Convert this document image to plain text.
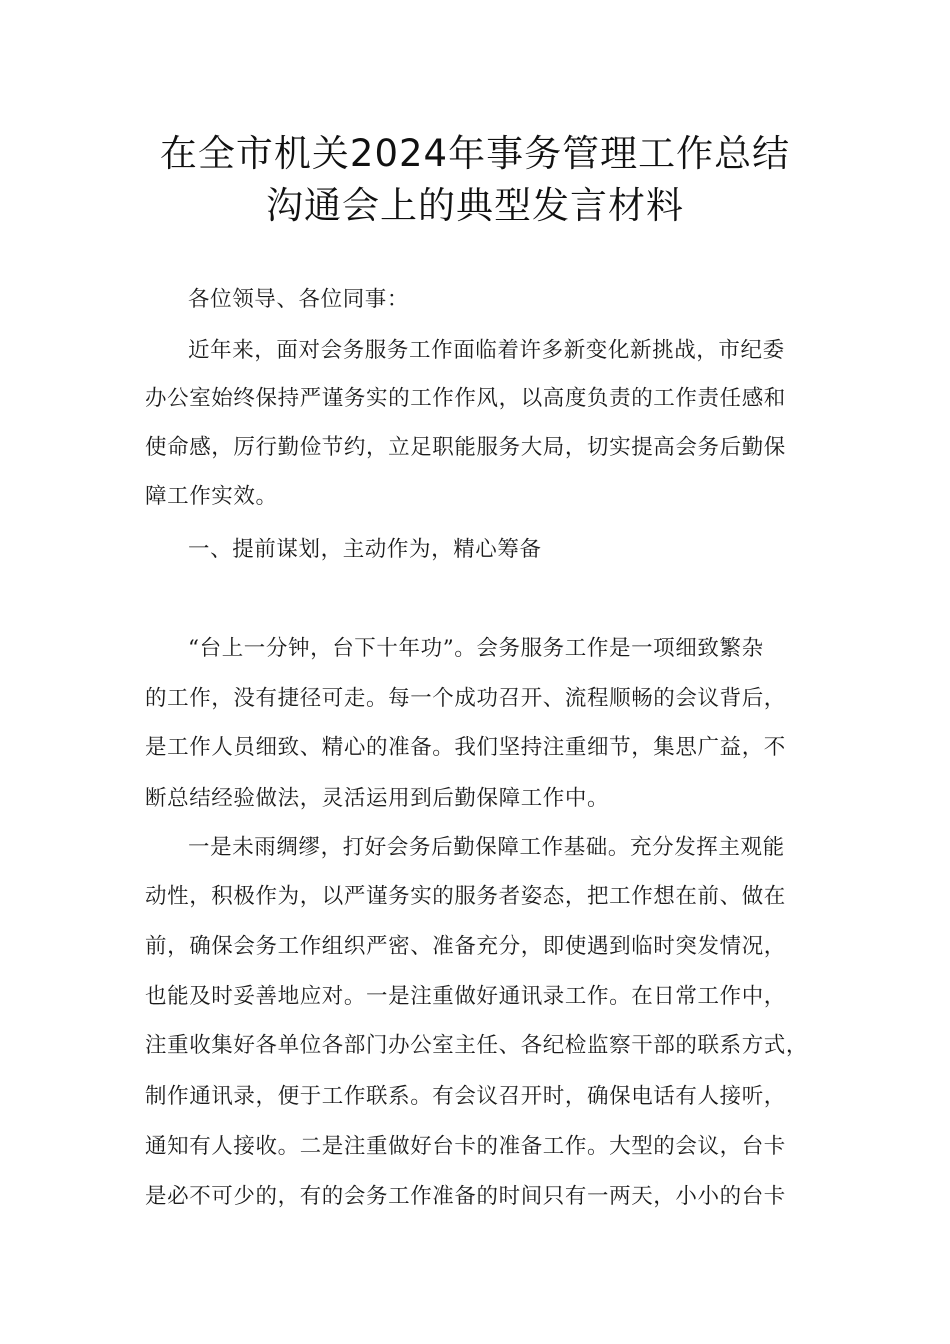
在全市机关2024年事务管理工作总结
沟通会上的典型发言材料
各位领导、各位同事：
近年来，面对会务服务工作面临着许多新变化新挑战，市纪委
办公室始终保持严谨务实的工作作风，以高度负责的工作责任感和
使命感，厉行勤俭节约，立足职能服务大局，切实提高会务后勤保
障工作实效。
一、提前谋划，主动作为，精心筹备
“台上一分钟，台下十年功”。会务服务工作是一项细致繁杂
的工作，没有捷径可走。每一个成功召开、流程顺畅的会议背后，
是工作人员细致、精心的准备。我们坚持注重细节，集思广益，不
断总结经验做法，灵活运用到后勤保障工作中。
一是未雨绸缪，打好会务后勤保障工作基础。充分发挥主观能
动性，积极作为，以严谨务实的服务者姿态，把工作想在前、做在
前，确保会务工作组织严密、准备充分，即使遇到临时突发情况，
也能及时妥善地应对。一是注重做好通讯录工作。在日常工作中，
注重收集好各单位各部门办公室主任、各纪检监察干部的联系方式，
制作通讯录，便于工作联系。有会议召开时，确保电话有人接听，
通知有人接收。二是注重做好台卡的准备工作。大型的会议，台卡
是必不可少的，有的会务工作准备的时间只有一两天，小小的台卡
